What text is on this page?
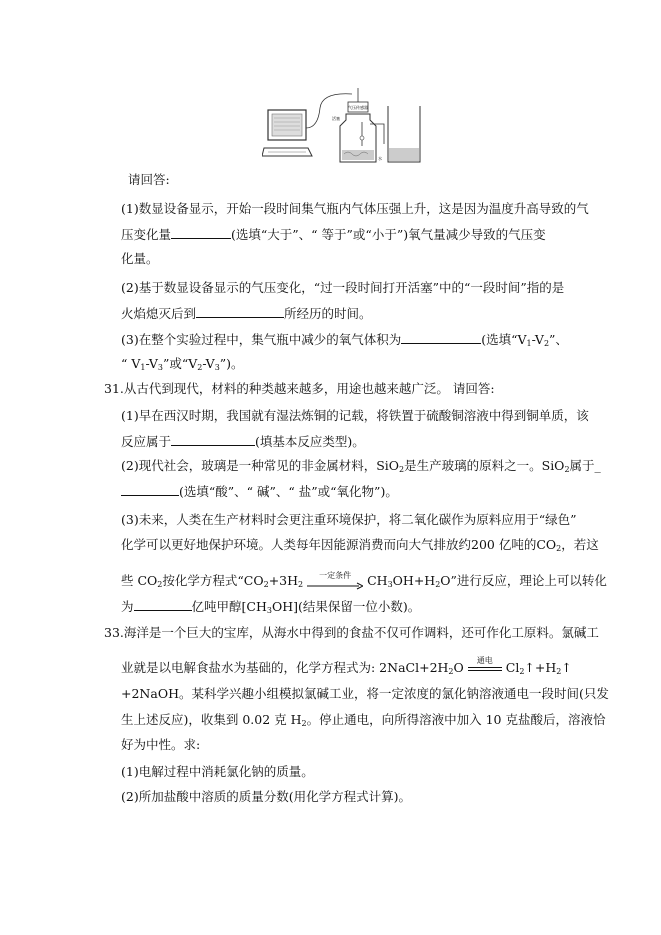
气压传感器
活塞
水
请回答:
(1)数显设备显示，开始一段时间集气瓶内气体压强上升，这是因为温度升高导致的气
压变化量	(选填“大于”、“ 等于”或“小于”)氧气量减少导致的气压变
化量。
(2)基于数显设备显示的气压变化，“过一段时间打开活塞”中的“一段时间”指的是
火焰熄灭后到	所经历的时间。
(3)在整个实验过程中，集气瓶中减少的氧气体积为	(选填“$V_1-V_2$”、
“ $V_1-V_3$”或“$V_2-V_3$”)。
31.从古代到现代，材料的种类越来越多，用途也越来越广泛。 请回答:
(1)早在西汉时期，我国就有湿法炼铜的记载，将铁置于硫酸铜溶液中得到铜单质，该
反应属于	(填基本反应类型)。
(2)现代社会，玻璃是一种常见的非金属材料，SiO$_2$是生产玻璃的原料之一。SiO$_2$属于_
(选填“酸”、“ 碱”、“ 盐”或“氧化物”)。
(3)未来，人类在生产材料时会更注重环境保护，将二氧化碳作为原料应用于“绿色”
化学可以更好地保护环境。人类每年因能源消费而向大气排放约200 亿吨的$CO_2$，若这
些 $CO_2$按化学方程式“$CO_2+3H_2$
一定条件	$CH_3OH+H_2O$”进行反应，理论上可以转化
为	亿吨甲醇$[CH_3OH]$(结果保留一位小数)。
33.海洋是一个巨大的宝库，从海水中得到的食盐不仅可作调料，还可作化工原料。氯碱工
业就是以电解食盐水为基础的，化学方程式为: $2NaCl+2H_2O$	通电	$Cl_2↑+H_2↑$
+2NaOH。某科学兴趣小组模拟氯碱工业，将一定浓度的氯化钠溶液通电一段时间(只发
生上述反应)，收集到 0.02 克 $H_2$。停止通电，向所得溶液中加入 10 克盐酸后，溶液恰
好为中性。求:
(1)电解过程中消耗氯化钠的质量。
(2)所加盐酸中溶质的质量分数(用化学方程式计算)。
